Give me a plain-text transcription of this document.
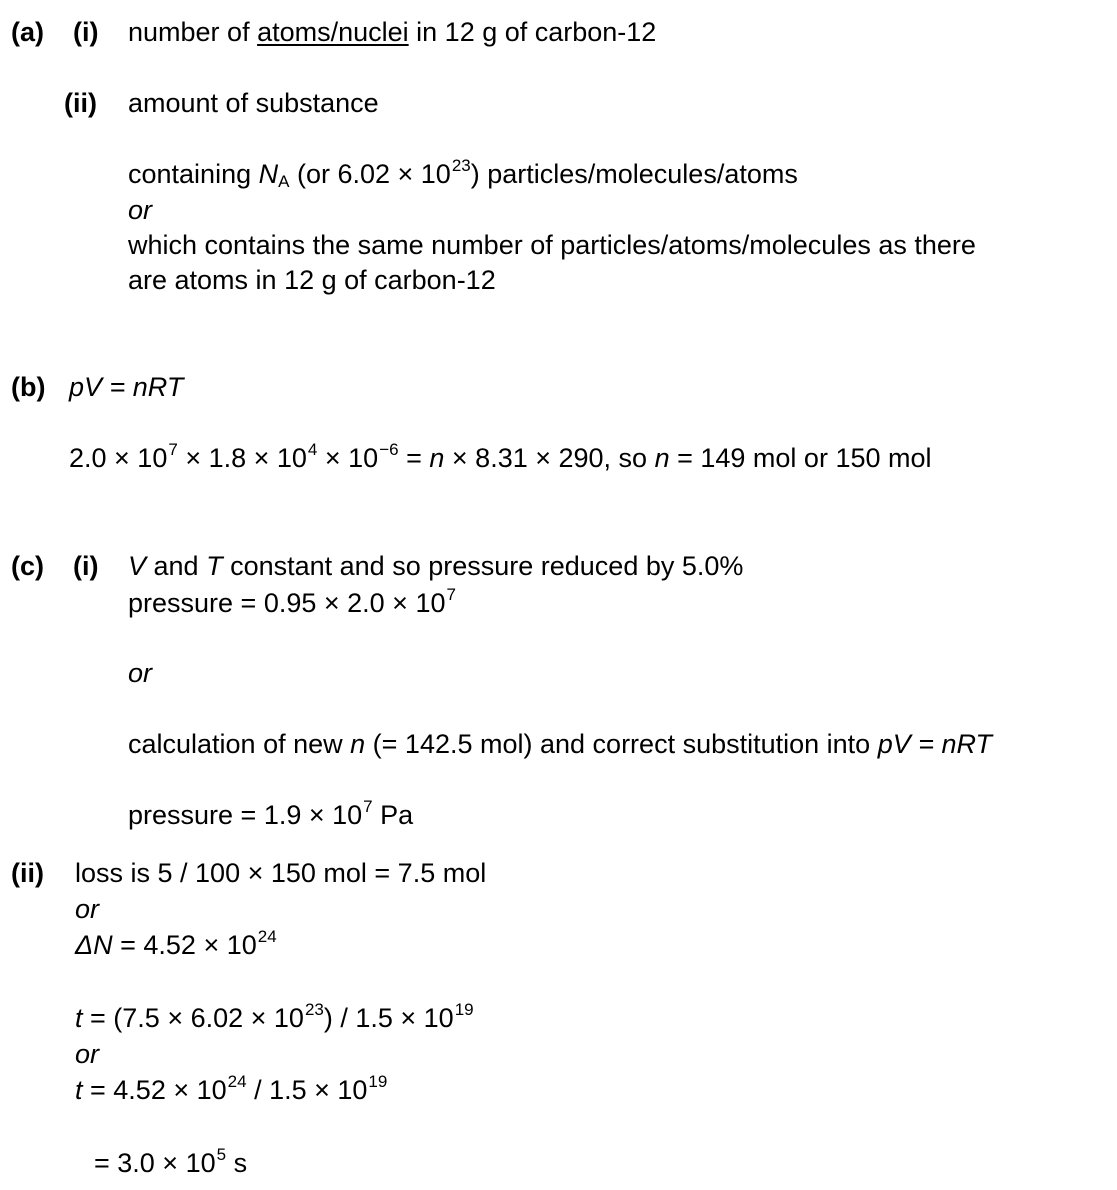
(a) (i) number of atoms/nuclei in 12 g of carbon-12
(ii) amount of substance
containing $N_A$ (or $6.02 \times 10^{23}$) particles/molecules/atoms
or
which contains the same number of particles/atoms/molecules as there
are atoms in 12 g of carbon-12
(b) pV = nRT
$2.0 \times 10^7 \times 1.8 \times 10^4 \times 10^{-6} = n \times 8.31 \times 290$, so n = 149 mol or 150 mol
(c) (i) V and T constant and so pressure reduced by 5.0%
pressure = $0.95 \times 2.0 \times 10^7$
or
calculation of new n (= 142.5 mol) and correct substitution into pV = nRT
pressure = $1.9 \times 10^7$ Pa
(ii) loss is 5 / 100 × 150 mol = 7.5 mol
or
$\Delta N = 4.52 \times 10^{24}$
$t = (7.5 \times 6.02 \times 10^{23}) / 1.5 \times 10^{19}$
or
$t = 4.52 \times 10^{24} / 1.5 \times 10^{19}$
= $3.0 \times 10^5$ s
